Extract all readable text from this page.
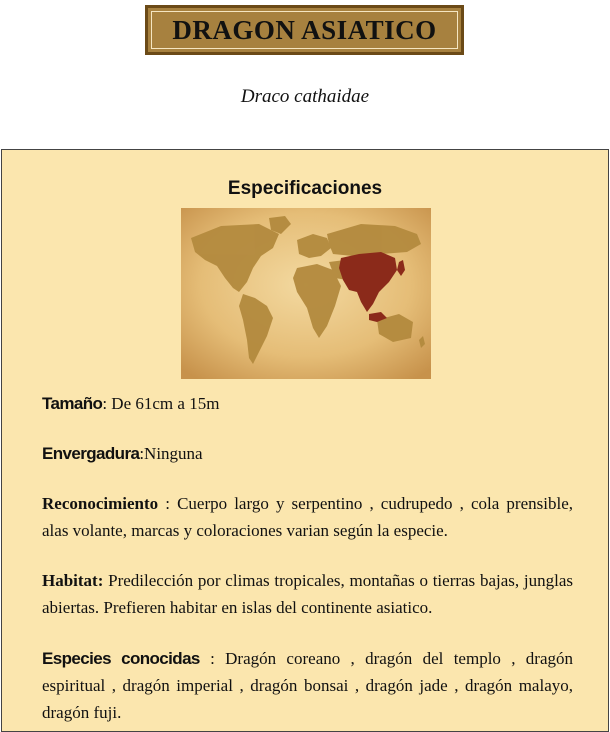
DRAGON ASIATICO
Draco cathaidae
Especificaciones
Tamaño: De 61cm a 15m
Envergadura:Ninguna
Reconocimiento : Cuerpo largo y serpentino , cudrupedo , cola prensible, alas volante, marcas y coloraciones varian según la especie.
Habitat: Predilección por climas tropicales, montañas o tierras bajas, junglas abiertas. Prefieren habitar en islas del continente asiatico.
Especies conocidas : Dragón coreano , dragón del templo , dragón espiritual , dragón imperial , dragón bonsai , dragón jade , dragón malayo, dragón fuji.
